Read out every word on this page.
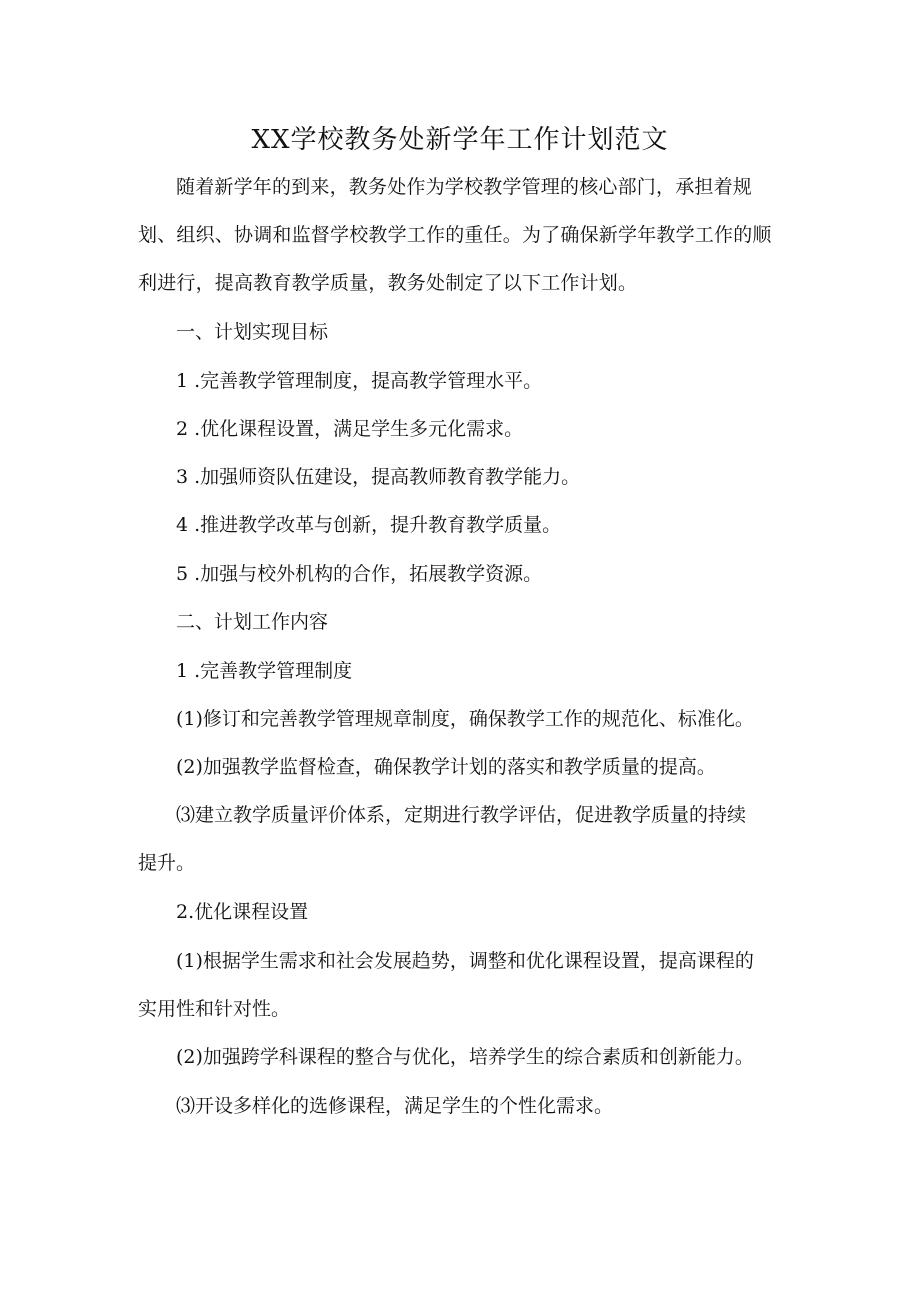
XX学校教务处新学年工作计划范文

随着新学年的到来，教务处作为学校教学管理的核心部门，承担着规

划、组织、协调和监督学校教学工作的重任。为了确保新学年教学工作的顺

利进行，提高教育教学质量，教务处制定了以下工作计划。

一、计划实现目标

1 .完善教学管理制度，提高教学管理水平。

2 .优化课程设置，满足学生多元化需求。

3 .加强师资队伍建设，提高教师教育教学能力。

4 .推进教学改革与创新，提升教育教学质量。

5 .加强与校外机构的合作，拓展教学资源。

二、计划工作内容

1 .完善教学管理制度

(1)修订和完善教学管理规章制度，确保教学工作的规范化、标准化。

(2)加强教学监督检查，确保教学计划的落实和教学质量的提高。

⑶建立教学质量评价体系，定期进行教学评估，促进教学质量的持续

提升。

2.优化课程设置

(1)根据学生需求和社会发展趋势，调整和优化课程设置，提高课程的

实用性和针对性。

(2)加强跨学科课程的整合与优化，培养学生的综合素质和创新能力。

⑶开设多样化的选修课程，满足学生的个性化需求。
